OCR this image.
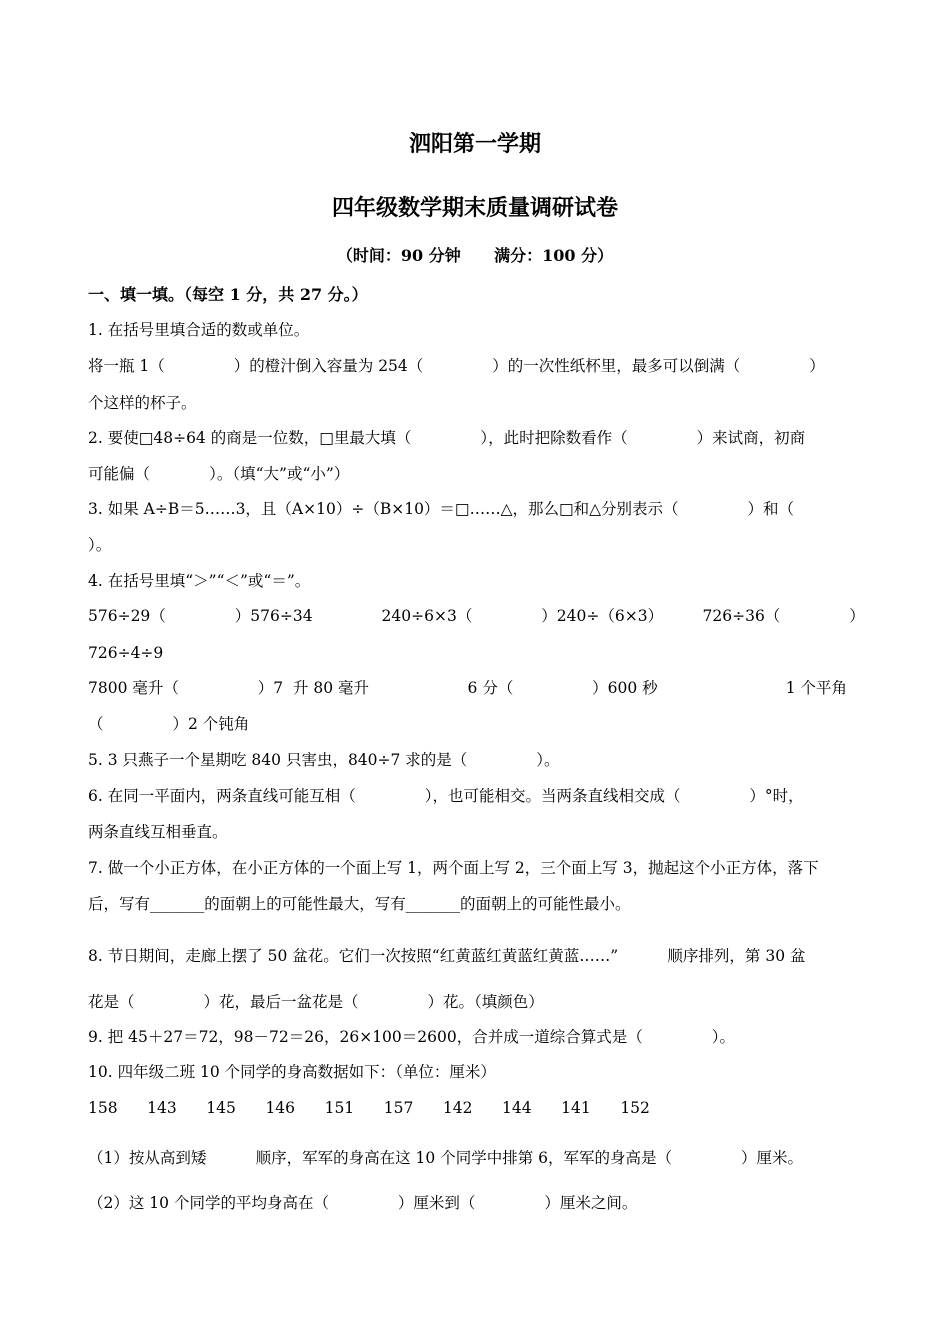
泗阳第一学期
四年级数学期末质量调研试卷
（时间：90 分钟      满分：100 分）
一、填一填。（每空 1 分，共 27 分。）
1. 在括号里填合适的数或单位。
将一瓶 1（              ）的橙汁倒入容量为 254（              ）的一次性纸杯里，最多可以倒满（              ）
个这样的杯子。
2. 要使□48÷64 的商是一位数，□里最大填（              ），此时把除数看作（              ）来试商，初商
可能偏（            ）。（填“大”或“小”）
3. 如果 A÷B＝5……3，且（A×10）÷（B×10）＝□……△，那么□和△分别表示（              ）和（
）。
4. 在括号里填“＞”“＜”或“＝”。
576÷29（              ）576÷34              240÷6×3（              ）240÷（6×3）        726÷36（              ）
726÷4÷9
7800 毫升（                ）7  升 80 毫升                    6 分（                ）600 秒                          1 个平角
（              ）2 个钝角
5. 3 只燕子一个星期吃 840 只害虫，840÷7 求的是（              ）。
6. 在同一平面内，两条直线可能互相（              ），也可能相交。当两条直线相交成（              ）°时，
两条直线互相垂直。
7. 做一个小正方体，在小正方体的一个面上写 1，两个面上写 2，三个面上写 3，抛起这个小正方体，落下
后，写有_______的面朝上的可能性最大，写有_______的面朝上的可能性最小。
8. 节日期间，走廊上摆了 50 盆花。它们一次按照“红黄蓝红黄蓝红黄蓝……”          顺序排列，第 30 盆
花是（              ）花，最后一盆花是（              ）花。（填颜色）
9. 把 45＋27＝72，98－72＝26，26×100＝2600，合并成一道综合算式是（              ）。
10. 四年级二班 10 个同学的身高数据如下：（单位：厘米）
158      143      145      146      151      157      142      144      141      152
（1）按从高到矮          顺序，军军的身高在这 10 个同学中排第 6，军军的身高是（              ）厘米。
（2）这 10 个同学的平均身高在（              ）厘米到（              ）厘米之间。
